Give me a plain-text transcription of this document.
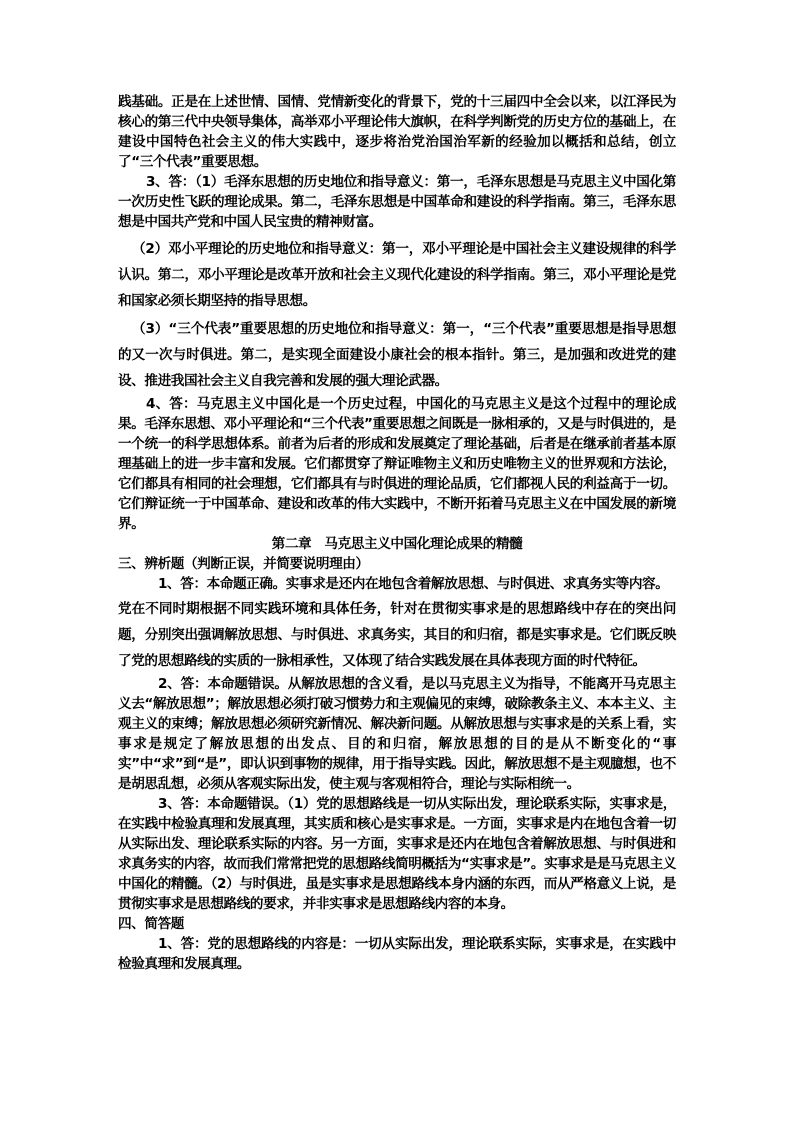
践基础。正是在上述世情、国情、党情新变化的背景下，党的十三届四中全会以来，以江泽民为核心的第三代中央领导集体，高举邓小平理论伟大旗帜，在科学判断党的历史方位的基础上，在建设中国特色社会主义的伟大实践中，逐步将治党治国治军新的经验加以概括和总结，创立了“三个代表”重要思想。

3、答：（1）毛泽东思想的历史地位和指导意义：第一，毛泽东思想是马克思主义中国化第一次历史性飞跃的理论成果。第二，毛泽东思想是中国革命和建设的科学指南。第三，毛泽东思想是中国共产党和中国人民宝贵的精神财富。

（2）邓小平理论的历史地位和指导意义：第一，邓小平理论是中国社会主义建设规律的科学认识。第二，邓小平理论是改革开放和社会主义现代化建设的科学指南。第三，邓小平理论是党和国家必须长期坚持的指导思想。

（3）“三个代表”重要思想的历史地位和指导意义：第一，“三个代表”重要思想是指导思想的又一次与时俱进。第二，是实现全面建设小康社会的根本指针。第三，是加强和改进党的建设、推进我国社会主义自我完善和发展的强大理论武器。

4、答：马克思主义中国化是一个历史过程，中国化的马克思主义是这个过程中的理论成果。毛泽东思想、邓小平理论和“三个代表”重要思想之间既是一脉相承的，又是与时俱进的，是一个统一的科学思想体系。前者为后者的形成和发展奠定了理论基础，后者是在继承前者基本原理基础上的进一步丰富和发展。它们都贯穿了辩证唯物主义和历史唯物主义的世界观和方法论，它们都具有相同的社会理想，它们都具有与时俱进的理论品质，它们都视人民的利益高于一切。它们辩证统一于中国革命、建设和改革的伟大实践中，不断开拓着马克思主义在中国发展的新境界。

第二章　马克思主义中国化理论成果的精髓

三、辨析题（判断正误，并简要说明理由）

1、答：本命题正确。实事求是还内在地包含着解放思想、与时俱进、求真务实等内容。

党在不同时期根据不同实践环境和具体任务，针对在贯彻实事求是的思想路线中存在的突出问题，分别突出强调解放思想、与时俱进、求真务实，其目的和归宿，都是实事求是。它们既反映了党的思想路线的实质的一脉相承性，又体现了结合实践发展在具体表现方面的时代特征。

2、答：本命题错误。从解放思想的含义看，是以马克思主义为指导，不能离开马克思主义去“解放思想”；解放思想必须打破习惯势力和主观偏见的束缚，破除教条主义、本本主义、主观主义的束缚；解放思想必须研究新情况、解决新问题。从解放思想与实事求是的关系上看，实事求是规定了解放思想的出发点、目的和归宿，解放思想的目的是从不断变化的“事实”中“求”到“是”，即认识到事物的规律，用于指导实践。因此，解放思想不是主观臆想，也不是胡思乱想，必须从客观实际出发，使主观与客观相符合，理论与实际相统一。

3、答：本命题错误。（1）党的思想路线是一切从实际出发，理论联系实际，实事求是，在实践中检验真理和发展真理，其实质和核心是实事求是。一方面，实事求是内在地包含着一切从实际出发、理论联系实际的内容。另一方面，实事求是还内在地包含着解放思想、与时俱进和求真务实的内容，故而我们常常把党的思想路线简明概括为“实事求是”。实事求是是马克思主义中国化的精髓。（2）与时俱进，虽是实事求是思想路线本身内涵的东西，而从严格意义上说，是贯彻实事求是思想路线的要求，并非实事求是思想路线内容的本身。

四、简答题

1、答：党的思想路线的内容是：一切从实际出发，理论联系实际，实事求是，在实践中检验真理和发展真理。
